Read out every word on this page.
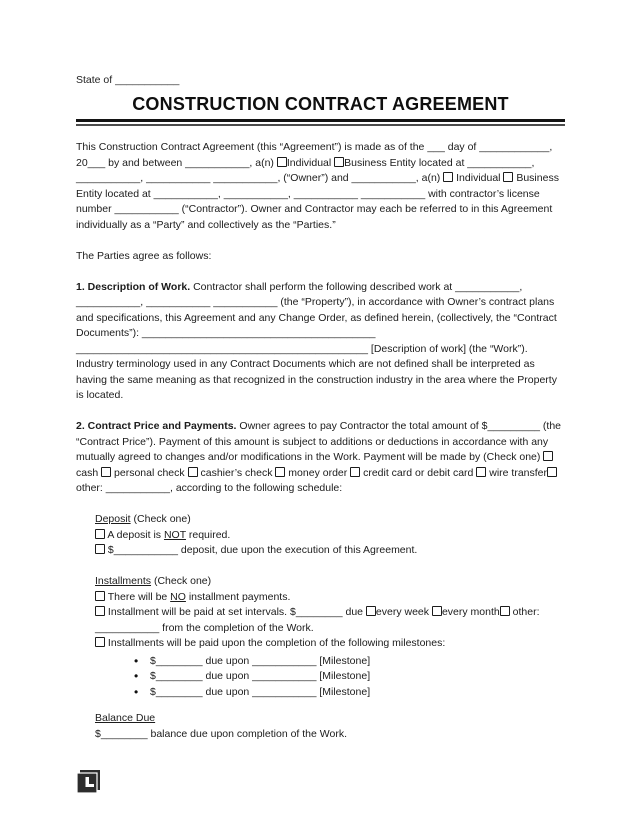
State of ___________
CONSTRUCTION CONTRACT AGREEMENT

This Construction Contract Agreement (this “Agreement”) is made as of the ___ day of ____________, 20___ by and between ___________, a(n) Individual Business Entity located at ___________, ___________, ___________ ___________, (“Owner”) and ___________, a(n)  Individual  Business Entity located at ___________, ___________, ___________ ___________ with contractor’s license number ___________ (“Contractor”). Owner and Contractor may each be referred to in this Agreement individually as a “Party” and collectively as the “Parties.”

The Parties agree as follows:

1. Description of Work. Contractor shall perform the following described work at ___________, ___________, ___________ ___________ (the “Property”), in accordance with Owner’s contract plans and specifications, this Agreement and any Change Order, as defined herein, (collectively, the “Contract Documents”): ________________________________________ __________________________________________________ [Description of work] (the “Work”). Industry terminology used in any Contract Documents which are not defined shall be interpreted as having the same meaning as that recognized in the construction industry in the area where the Property is located.

2. Contract Price and Payments. Owner agrees to pay Contractor the total amount of $_________ (the “Contract Price”). Payment of this amount is subject to additions or deductions in accordance with any mutually agreed to changes and/or modifications in the Work. Payment will be made by (Check one)  cash  personal check  cashier’s check  money order  credit card or debit card  wire transfer other: ___________, according to the following schedule:

Deposit (Check one)
A deposit is NOT required.
$___________ deposit, due upon the execution of this Agreement.
Installments (Check one)
There will be NO installment payments.
Installment will be paid at set intervals. $________ due every week every month other: ___________ from the completion of the Work.
Installments will be paid upon the completion of the following milestones:
• $________ due upon ___________ [Milestone]
• $________ due upon ___________ [Milestone]
• $________ due upon ___________ [Milestone]
Balance Due
$________ balance due upon completion of the Work.
